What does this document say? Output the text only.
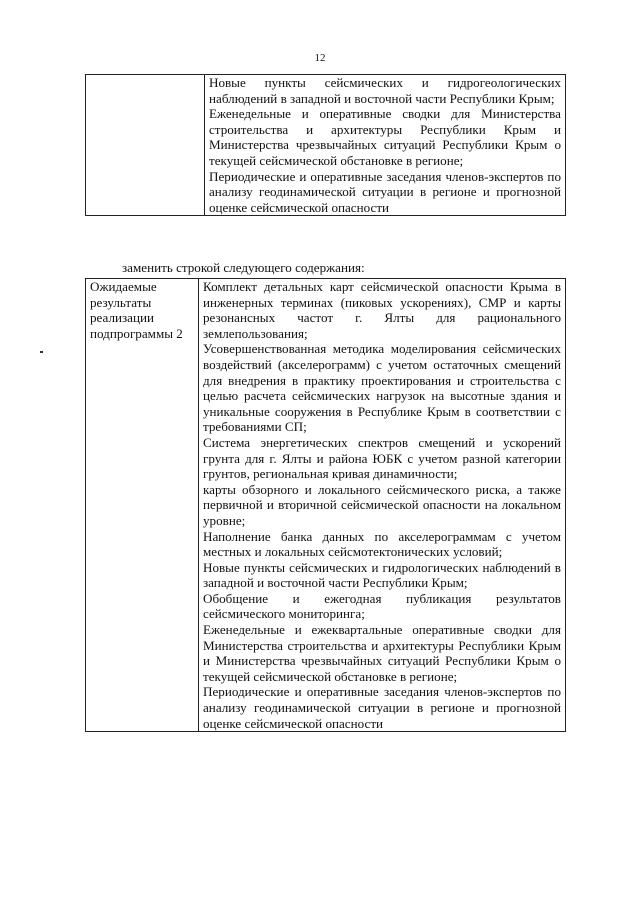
12

Новые пункты сейсмических и гидрогеологических наблюдений в западной и восточной части Республики Крым;
Еженедельные и оперативные сводки для Министерства строительства и архитектуры Республики Крым и Министерства чрезвычайных ситуаций Республики Крым о текущей сейсмической обстановке в регионе;
Периодические и оперативные заседания членов-экспертов по анализу геодинамической ситуации в регионе и прогнозной оценке сейсмической опасности
заменить строкой следующего содержания:
Ожидаемые результаты реализации подпрограммы 2

Комплект детальных карт сейсмической опасности Крыма в инженерных терминах (пиковых ускорениях), СМР и карты резонансных частот г. Ялты для рационального землепользования;
Усовершенствованная методика моделирования сейсмических воздействий (акселерограмм) с учетом остаточных смещений для внедрения в практику проектирования и строительства с целью расчета сейсмических нагрузок на высотные здания и уникальные сооружения в Республике Крым в соответствии с требованиями СП;
Система энергетических спектров смещений и ускорений грунта для г. Ялты и района ЮБК с учетом разной категории грунтов, региональная кривая динамичности;
карты обзорного и локального сейсмического риска, а также первичной и вторичной сейсмической опасности на локальном уровне;
Наполнение банка данных по акселерограммам с учетом местных и локальных сейсмотектонических условий;
Новые пункты сейсмических и гидрологических наблюдений в западной и восточной части Республики Крым;
Обобщение и ежегодная публикация результатов сейсмического мониторинга;
Еженедельные и ежеквартальные оперативные сводки для Министерства строительства и архитектуры Республики Крым и Министерства чрезвычайных ситуаций Республики Крым о текущей сейсмической обстановке в регионе;
Периодические и оперативные заседания членов-экспертов по анализу геодинамической ситуации в регионе и прогнозной оценке сейсмической опасности
